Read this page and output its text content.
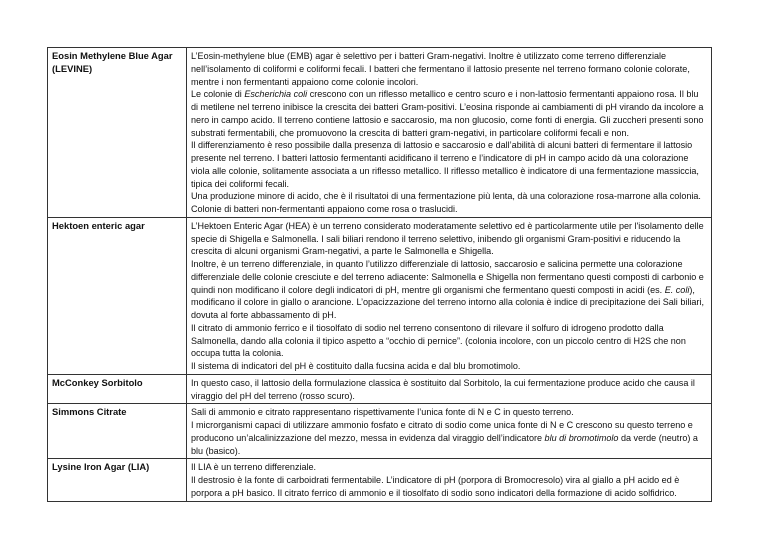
Eosin Methylene Blue Agar (LEVINE)	L’Eosin-methylene blue (EMB) agar è selettivo per i batteri Gram-negativi. Inoltre è utilizzato come terreno differenziale nell’isolamento di coliformi e coliformi fecali. I batteri che fermentano il lattosio presente nel terreno formano colonie colorate, mentre i non fermentanti appaiono come colonie incolori.

Le colonie di Escherichia coli crescono con un riflesso metallico e centro scuro e i non-lattosio fermentanti appaiono rosa. Il blu di metilene nel terreno inibisce la crescita dei batteri Gram-positivi. L’eosina risponde ai cambiamenti di pH virando da incolore a nero in campo acido. Il terreno contiene lattosio e saccarosio, ma non glucosio, come fonti di energia. Gli zuccheri presenti sono substrati fermentabili, che promuovono la crescita di batteri gram-negativi, in particolare coliformi fecali e non.

Il differenziamento è reso possibile dalla presenza di lattosio e saccarosio e dall’abilità di alcuni batteri di fermentare il lattosio presente nel terreno. I batteri lattosio fermentanti acidificano il terreno e l’indicatore di pH in campo acido dà una colorazione viola alle colonie, solitamente associata a un riflesso metallico. Il riflesso metallico è indicatore di una fermentazione massiccia, tipica dei coliformi fecali.

Una produzione minore di acido, che è il risultatoi di una fermentazione più lenta, dà una colorazione rosa-marrone alla colonia. Colonie di batteri non-fermentanti appaiono come rosa o traslucidi.

Hektoen enteric agar	L’Hektoen Enteric Agar (HEA) è un terreno considerato moderatamente selettivo ed è particolarmente utile per l'isolamento delle specie di Shigella e Salmonella. I sali biliari rendono il terreno selettivo, inibendo gli organismi Gram-positivi e riducendo la crescita di alcuni organismi Gram-negativi, a parte le Salmonella e Shigella.

Inoltre, è un terreno differenziale, in quanto l’utilizzo differenziale di lattosio, saccarosio e salicina permette una colorazione differenziale delle colonie cresciute e del terreno adiacente: Salmonella e Shigella non fermentano questi composti di carbonio e quindi non modificano il colore degli indicatori di pH, mentre gli organismi che fermentano questi composti in acidi (es. E. coli), modificano il colore in giallo o arancione. L’opacizzazione del terreno intorno alla colonia è indice di precipitazione dei Sali biliari, dovuta al forte abbassamento di pH.

Il citrato di ammonio ferrico e il tiosolfato di sodio nel terreno consentono di rilevare il solfuro di idrogeno prodotto dalla Salmonella, dando alla colonia il tipico aspetto a “occhio di pernice”. (colonia incolore, con un piccolo centro di H2S che non occupa tutta la colonia.

Il sistema di indicatori del pH è costituito dalla fucsina acida e dal blu bromotimolo.

McConkey Sorbitolo	In questo caso, il lattosio della formulazione classica è sostituito dal Sorbitolo, la cui fermentazione produce acido che causa il viraggio del pH del terreno (rosso scuro).

Simmons Citrate	Sali di ammonio e citrato rappresentano rispettivamente l’unica fonte di N e C in questo terreno.

I microrganismi capaci di utilizzare ammonio fosfato e citrato di sodio come unica fonte di N e C crescono su questo terreno e producono un’alcalinizzazione del mezzo, messa in evidenza dal viraggio dell’indicatore blu di bromotimolo da verde (neutro) a blu (basico).

Lysine Iron Agar (LIA)	Il LIA è un terreno differenziale.

Il destrosio è la fonte di carboidrati fermentabile. L’indicatore di pH (porpora di Bromocresolo) vira al giallo a pH acido ed è porpora a pH basico. Il citrato ferrico di ammonio e il tiosolfato di sodio sono indicatori della formazione di acido solfidrico.
